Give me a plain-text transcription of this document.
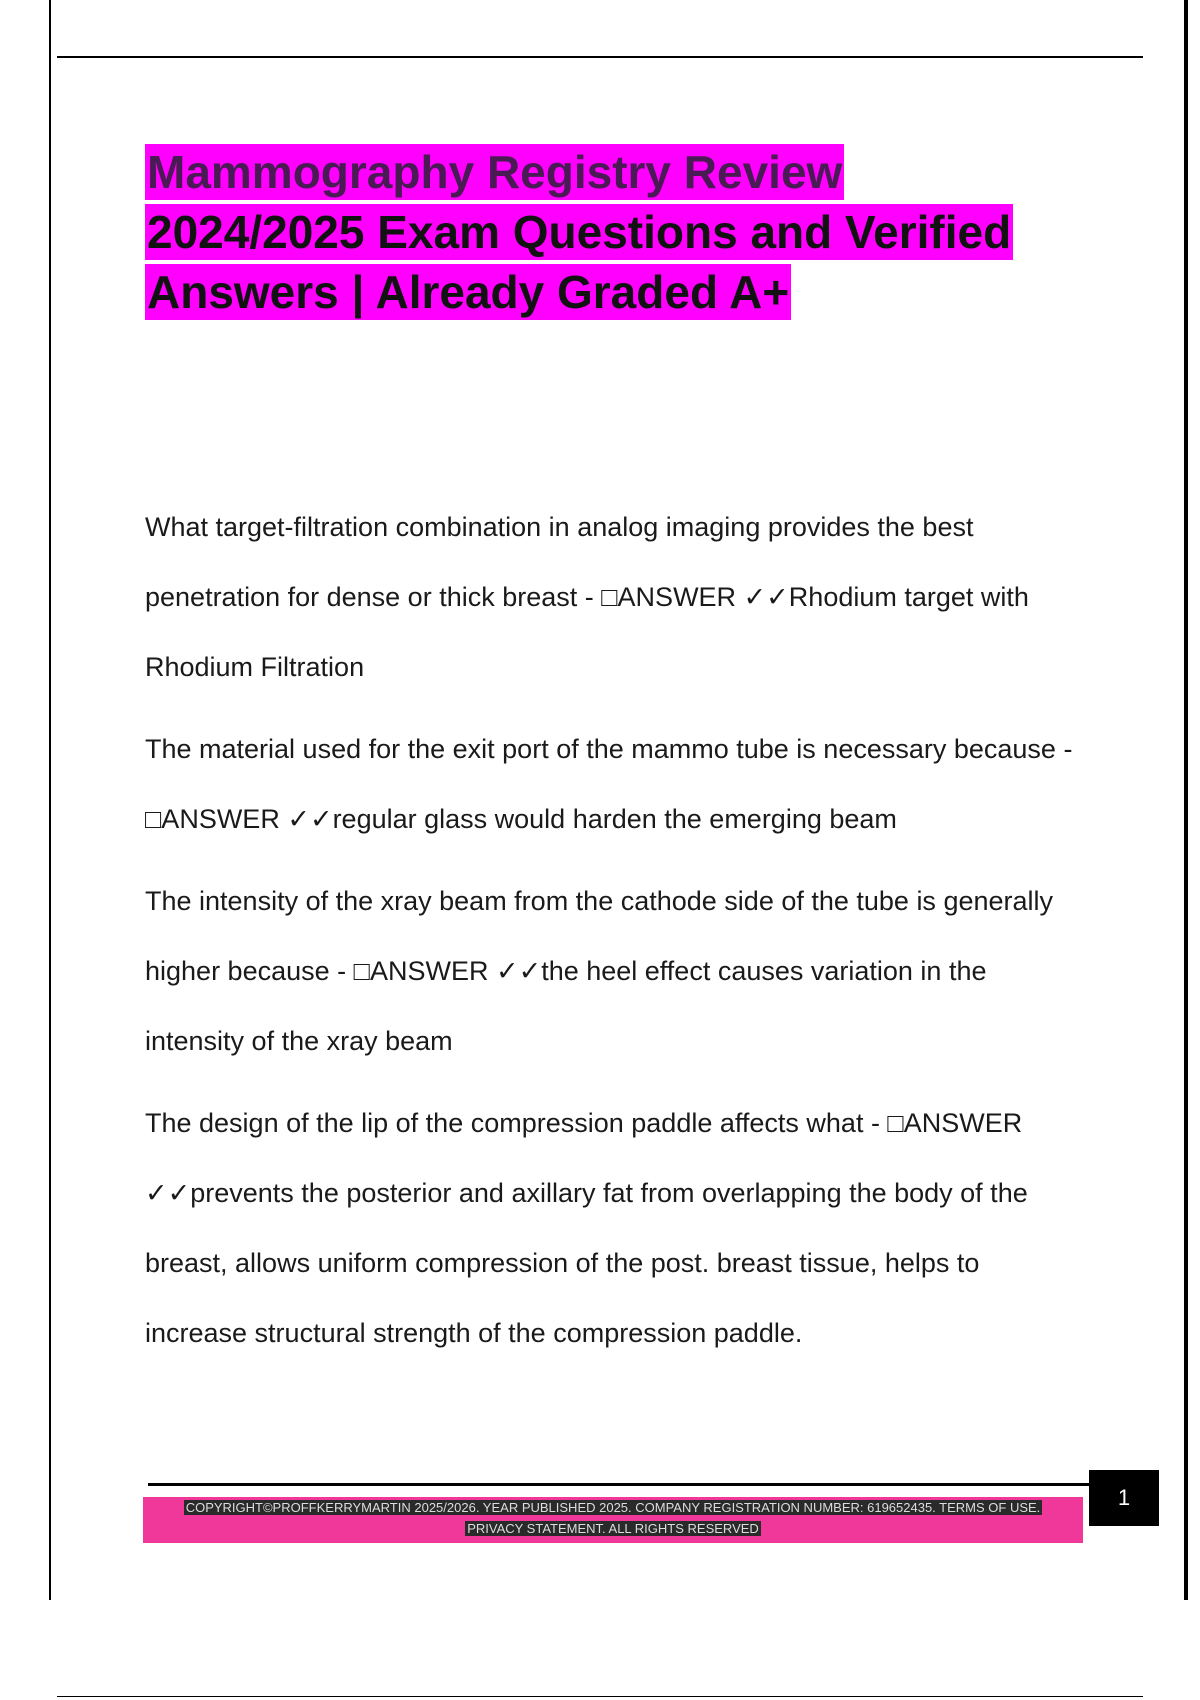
Mammography Registry Review
2024/2025 Exam Questions and Verified
Answers | Already Graded A+

What target-filtration combination in analog imaging provides the best penetration for dense or thick breast - □ANSWER ✓✓Rhodium target with Rhodium Filtration

The material used for the exit port of the mammo tube is necessary because - □ANSWER ✓✓regular glass would harden the emerging beam

The intensity of the xray beam from the cathode side of the tube is generally higher because - □ANSWER ✓✓the heel effect causes variation in the intensity of the xray beam

The design of the lip of the compression paddle affects what - □ANSWER ✓✓prevents the posterior and axillary fat from overlapping the body of the breast, allows uniform compression of the post. breast tissue, helps to increase structural strength of the compression paddle.

1
COPYRIGHT©PROFFKERRYMARTIN 2025/2026. YEAR PUBLISHED 2025. COMPANY REGISTRATION NUMBER: 619652435. TERMS OF USE.
PRIVACY STATEMENT. ALL RIGHTS RESERVED
